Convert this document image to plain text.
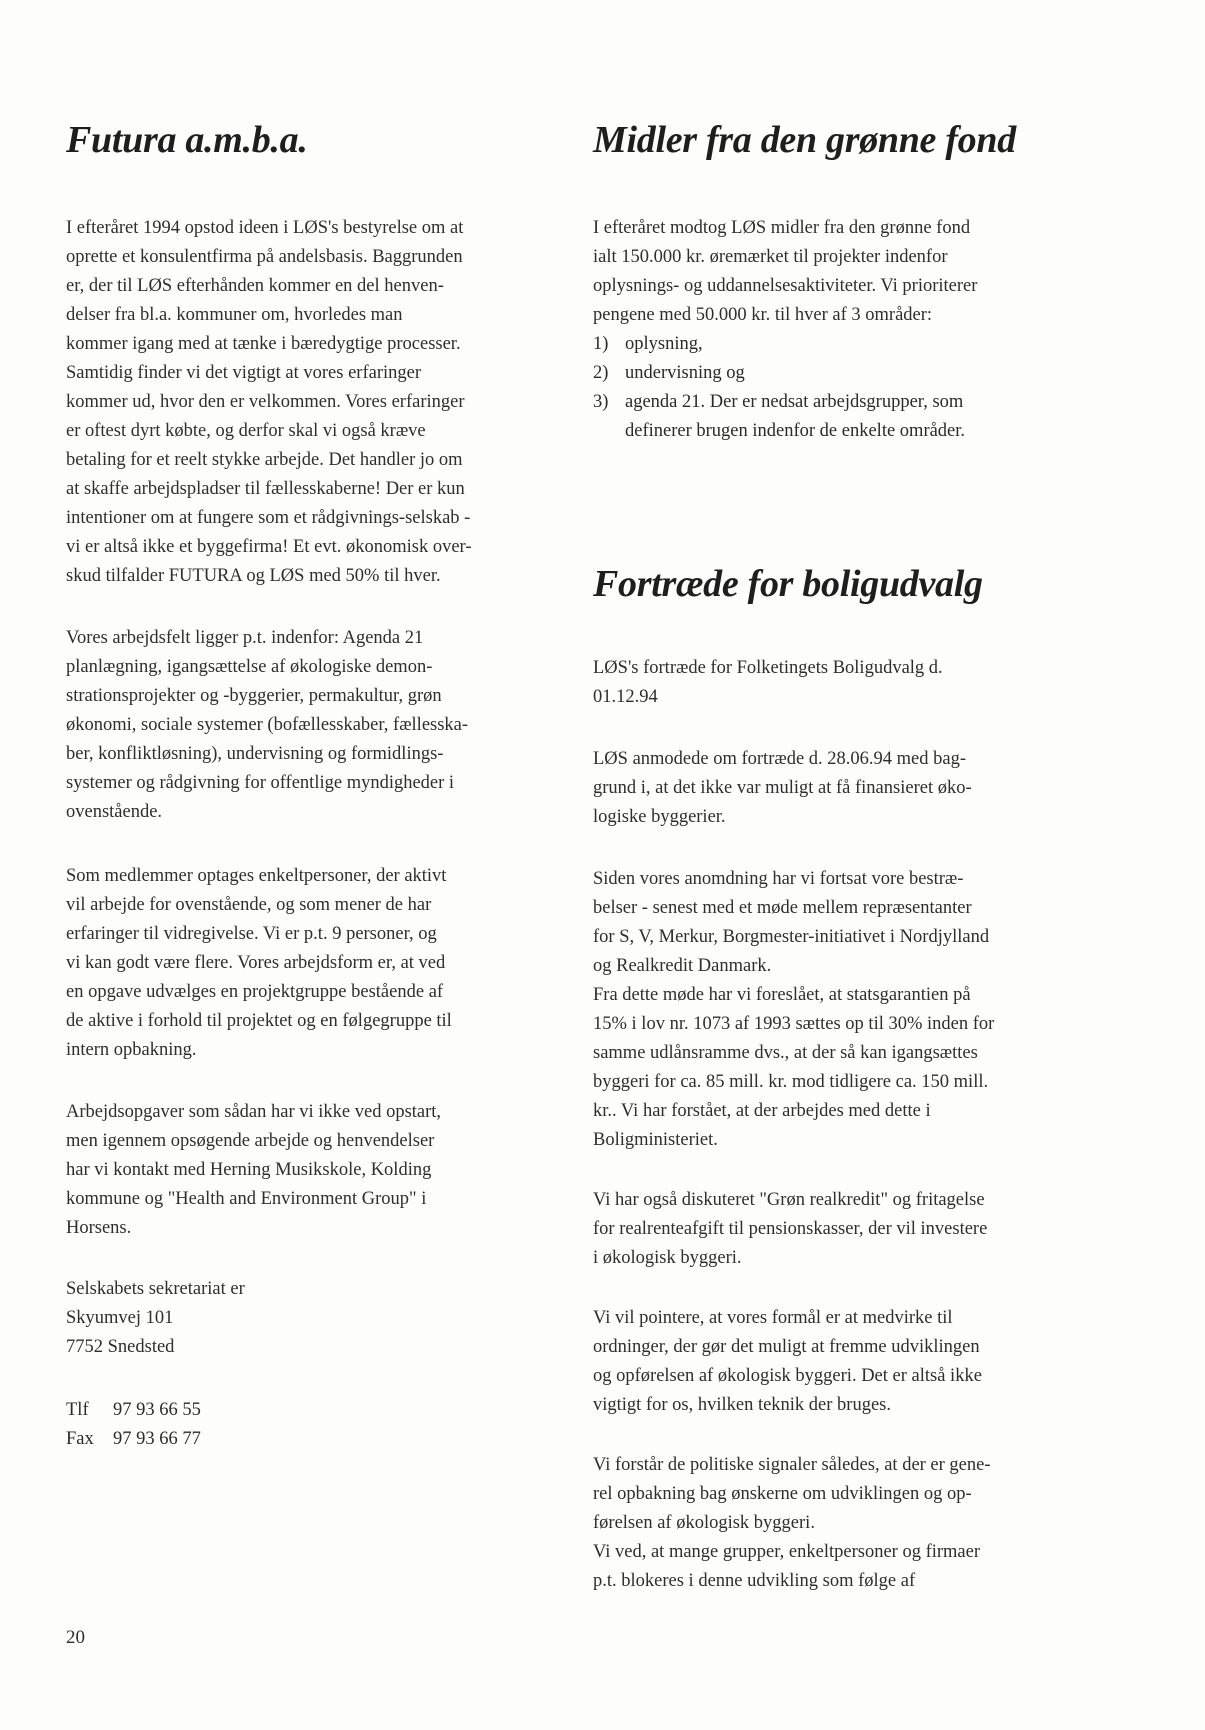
Futura a.m.b.a.
I efteråret 1994 opstod ideen i LØS's bestyrelse om at
oprette et konsulentfirma på andelsbasis. Baggrunden
er, der til LØS efterhånden kommer en del henven-
delser fra bl.a. kommuner om, hvorledes man
kommer igang med at tænke i bæredygtige processer.
Samtidig finder vi det vigtigt at vores erfaringer
kommer ud, hvor den er velkommen. Vores erfaringer
er oftest dyrt købte, og derfor skal vi også kræve
betaling for et reelt stykke arbejde. Det handler jo om
at skaffe arbejdspladser til fællesskaberne! Der er kun
intentioner om at fungere som et rådgivnings-selskab -
vi er altså ikke et byggefirma! Et evt. økonomisk over-
skud tilfalder FUTURA og LØS med 50% til hver.
Vores arbejdsfelt ligger p.t. indenfor: Agenda 21
planlægning, igangsættelse af økologiske demon-
strationsprojekter og -byggerier, permakultur, grøn
økonomi, sociale systemer (bofællesskaber, fællesska-
ber, konfliktløsning), undervisning og formidlings-
systemer og rådgivning for offentlige myndigheder i
ovenstående.
Som medlemmer optages enkeltpersoner, der aktivt
vil arbejde for ovenstående, og som mener de har
erfaringer til vidregivelse. Vi er p.t. 9 personer, og
vi kan godt være flere. Vores arbejdsform er, at ved
en opgave udvælges en projektgruppe bestående af
de aktive i forhold til projektet og en følgegruppe til
intern opbakning.
Arbejdsopgaver som sådan har vi ikke ved opstart,
men igennem opsøgende arbejde og henvendelser
har vi kontakt med Herning Musikskole, Kolding
kommune og "Health and Environment Group" i
Horsens.
Selskabets sekretariat er
Skyumvej 101
7752 Snedsted
Tlf 97 93 66 55
Fax 97 93 66 77
Midler fra den grønne fond
I efteråret modtog LØS midler fra den grønne fond
ialt 150.000 kr. øremærket til projekter indenfor
oplysnings- og uddannelsesaktiviteter. Vi prioriterer
pengene med 50.000 kr. til hver af 3 områder:
1) oplysning,
2) undervisning og
3) agenda 21. Der er nedsat arbejdsgrupper, som
definerer brugen indenfor de enkelte områder.
Fortræde for boligudvalg
LØS's fortræde for Folketingets Boligudvalg d.
01.12.94
LØS anmodede om fortræde d. 28.06.94 med bag-
grund i, at det ikke var muligt at få finansieret øko-
logiske byggerier.
Siden vores anomdning har vi fortsat vore bestræ-
belser - senest med et møde mellem repræsentanter
for S, V, Merkur, Borgmester-initiativet i Nordjylland
og Realkredit Danmark.
Fra dette møde har vi foreslået, at statsgarantien på
15% i lov nr. 1073 af 1993 sættes op til 30% inden for
samme udlånsramme dvs., at der så kan igangsættes
byggeri for ca. 85 mill. kr. mod tidligere ca. 150 mill.
kr.. Vi har forstået, at der arbejdes med dette i
Boligministeriet.
Vi har også diskuteret "Grøn realkredit" og fritagelse
for realrenteafgift til pensionskasser, der vil investere
i økologisk byggeri.
Vi vil pointere, at vores formål er at medvirke til
ordninger, der gør det muligt at fremme udviklingen
og opførelsen af økologisk byggeri. Det er altså ikke
vigtigt for os, hvilken teknik der bruges.
Vi forstår de politiske signaler således, at der er gene-
rel opbakning bag ønskerne om udviklingen og op-
førelsen af økologisk byggeri.
Vi ved, at mange grupper, enkeltpersoner og firmaer
p.t. blokeres i denne udvikling som følge af
20
